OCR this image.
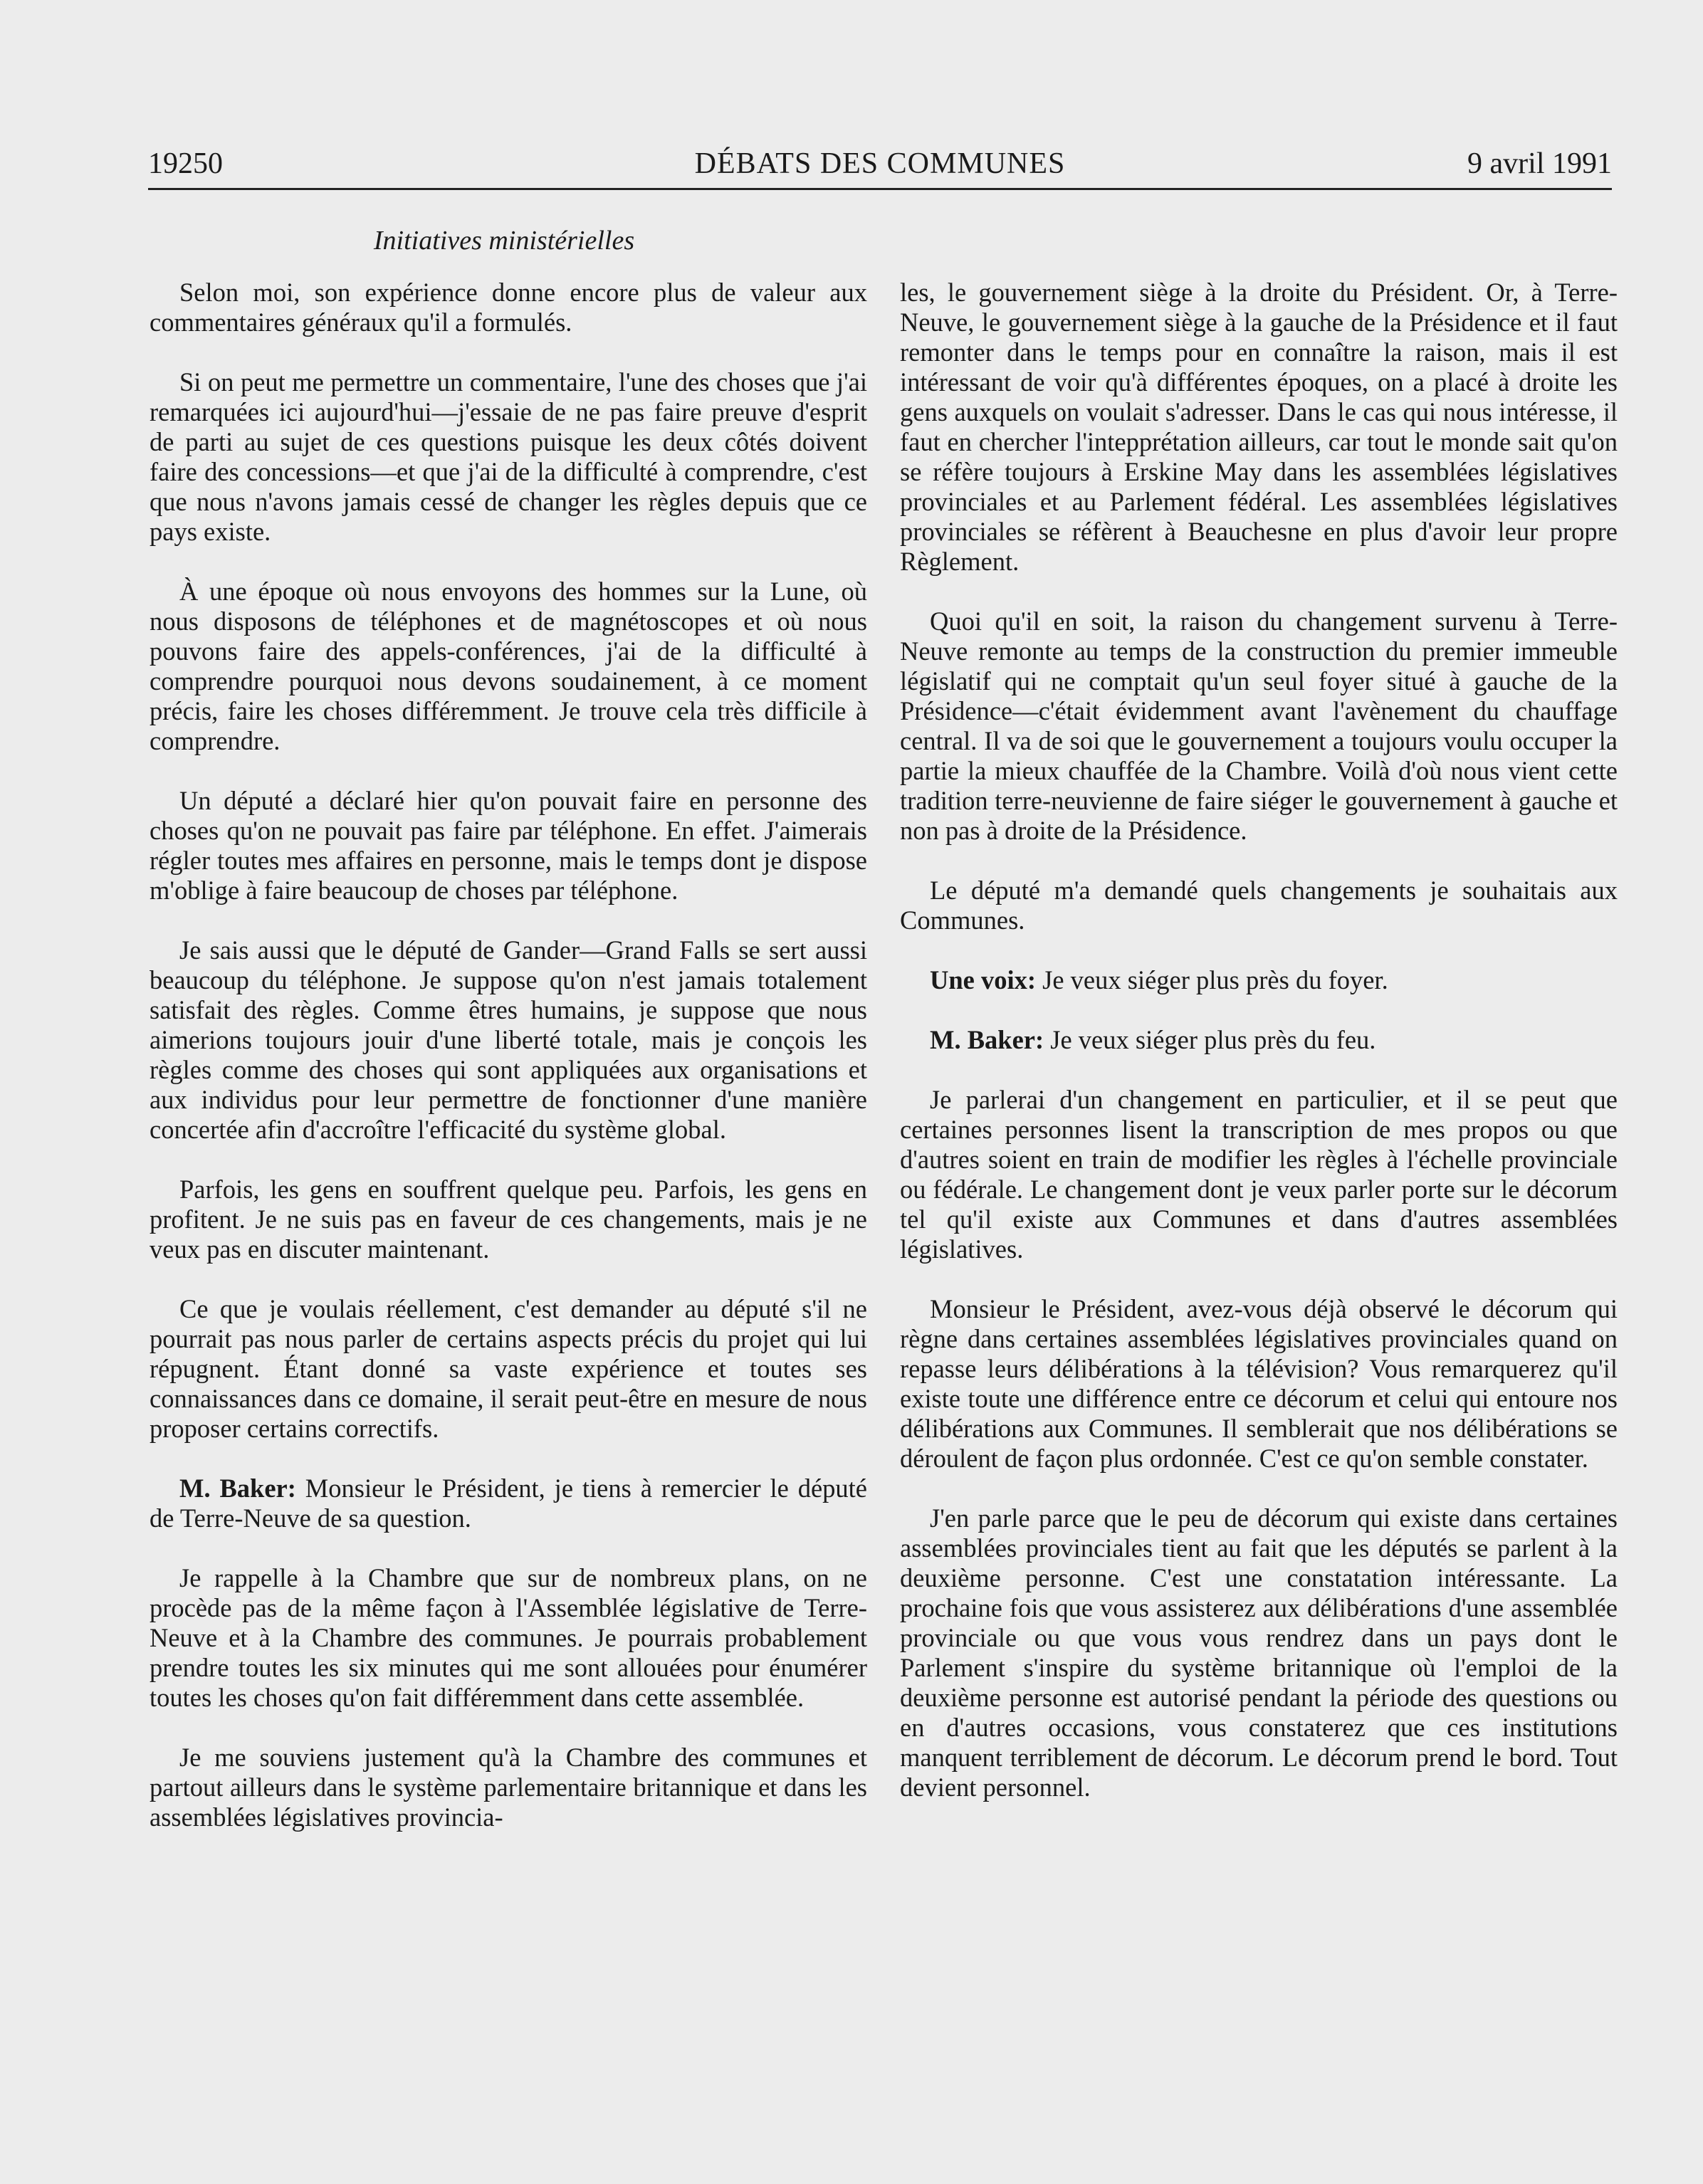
19250	DÉBATS DES COMMUNES	9 avril 1991
Initiatives ministérielles

Selon moi, son expérience donne encore plus de valeur aux commentaires généraux qu'il a formulés.

Si on peut me permettre un commentaire, l'une des choses que j'ai remarquées ici aujourd'hui—j'essaie de ne pas faire preuve d'esprit de parti au sujet de ces questions puisque les deux côtés doivent faire des concessions—et que j'ai de la difficulté à comprendre, c'est que nous n'avons jamais cessé de changer les règles depuis que ce pays existe.

À une époque où nous envoyons des hommes sur la Lune, où nous disposons de téléphones et de magnétoscopes et où nous pouvons faire des appels-conférences, j'ai de la difficulté à comprendre pourquoi nous devons soudainement, à ce moment précis, faire les choses différemment. Je trouve cela très difficile à comprendre.

Un député a déclaré hier qu'on pouvait faire en personne des choses qu'on ne pouvait pas faire par téléphone. En effet. J'aimerais régler toutes mes affaires en personne, mais le temps dont je dispose m'oblige à faire beaucoup de choses par téléphone.

Je sais aussi que le député de Gander—Grand Falls se sert aussi beaucoup du téléphone. Je suppose qu'on n'est jamais totalement satisfait des règles. Comme êtres humains, je suppose que nous aimerions toujours jouir d'une liberté totale, mais je conçois les règles comme des choses qui sont appliquées aux organisations et aux individus pour leur permettre de fonctionner d'une manière concertée afin d'accroître l'efficacité du système global.

Parfois, les gens en souffrent quelque peu. Parfois, les gens en profitent. Je ne suis pas en faveur de ces changements, mais je ne veux pas en discuter maintenant.

Ce que je voulais réellement, c'est demander au député s'il ne pourrait pas nous parler de certains aspects précis du projet qui lui répugnent. Étant donné sa vaste expérience et toutes ses connaissances dans ce domaine, il serait peut-être en mesure de nous proposer certains correctifs.

M. Baker: Monsieur le Président, je tiens à remercier le député de Terre-Neuve de sa question.

Je rappelle à la Chambre que sur de nombreux plans, on ne procède pas de la même façon à l'Assemblée législative de Terre-Neuve et à la Chambre des communes. Je pourrais probablement prendre toutes les six minutes qui me sont allouées pour énumérer toutes les choses qu'on fait différemment dans cette assemblée.

Je me souviens justement qu'à la Chambre des communes et partout ailleurs dans le système parlementaire britannique et dans les assemblées législatives provincia-

les, le gouvernement siège à la droite du Président. Or, à Terre-Neuve, le gouvernement siège à la gauche de la Présidence et il faut remonter dans le temps pour en connaître la raison, mais il est intéressant de voir qu'à différentes époques, on a placé à droite les gens auxquels on voulait s'adresser. Dans le cas qui nous intéresse, il faut en chercher l'intepprétation ailleurs, car tout le monde sait qu'on se réfère toujours à Erskine May dans les assemblées législatives provinciales et au Parlement fédéral. Les assemblées législatives provinciales se réfèrent à Beauchesne en plus d'avoir leur propre Règlement.

Quoi qu'il en soit, la raison du changement survenu à Terre-Neuve remonte au temps de la construction du premier immeuble législatif qui ne comptait qu'un seul foyer situé à gauche de la Présidence—c'était évidemment avant l'avènement du chauffage central. Il va de soi que le gouvernement a toujours voulu occuper la partie la mieux chauffée de la Chambre. Voilà d'où nous vient cette tradition terre-neuvienne de faire siéger le gouvernement à gauche et non pas à droite de la Présidence.

Le député m'a demandé quels changements je souhaitais aux Communes.

Une voix: Je veux siéger plus près du foyer.

M. Baker: Je veux siéger plus près du feu.

Je parlerai d'un changement en particulier, et il se peut que certaines personnes lisent la transcription de mes propos ou que d'autres soient en train de modifier les règles à l'échelle provinciale ou fédérale. Le changement dont je veux parler porte sur le décorum tel qu'il existe aux Communes et dans d'autres assemblées législatives.

Monsieur le Président, avez-vous déjà observé le décorum qui règne dans certaines assemblées législatives provinciales quand on repasse leurs délibérations à la télévision? Vous remarquerez qu'il existe toute une différence entre ce décorum et celui qui entoure nos délibérations aux Communes. Il semblerait que nos délibérations se déroulent de façon plus ordonnée. C'est ce qu'on semble constater.

J'en parle parce que le peu de décorum qui existe dans certaines assemblées provinciales tient au fait que les députés se parlent à la deuxième personne. C'est une constatation intéressante. La prochaine fois que vous assisterez aux délibérations d'une assemblée provinciale ou que vous vous rendrez dans un pays dont le Parlement s'inspire du système britannique où l'emploi de la deuxième personne est autorisé pendant la période des questions ou en d'autres occasions, vous constaterez que ces institutions manquent terriblement de décorum. Le décorum prend le bord. Tout devient personnel.
